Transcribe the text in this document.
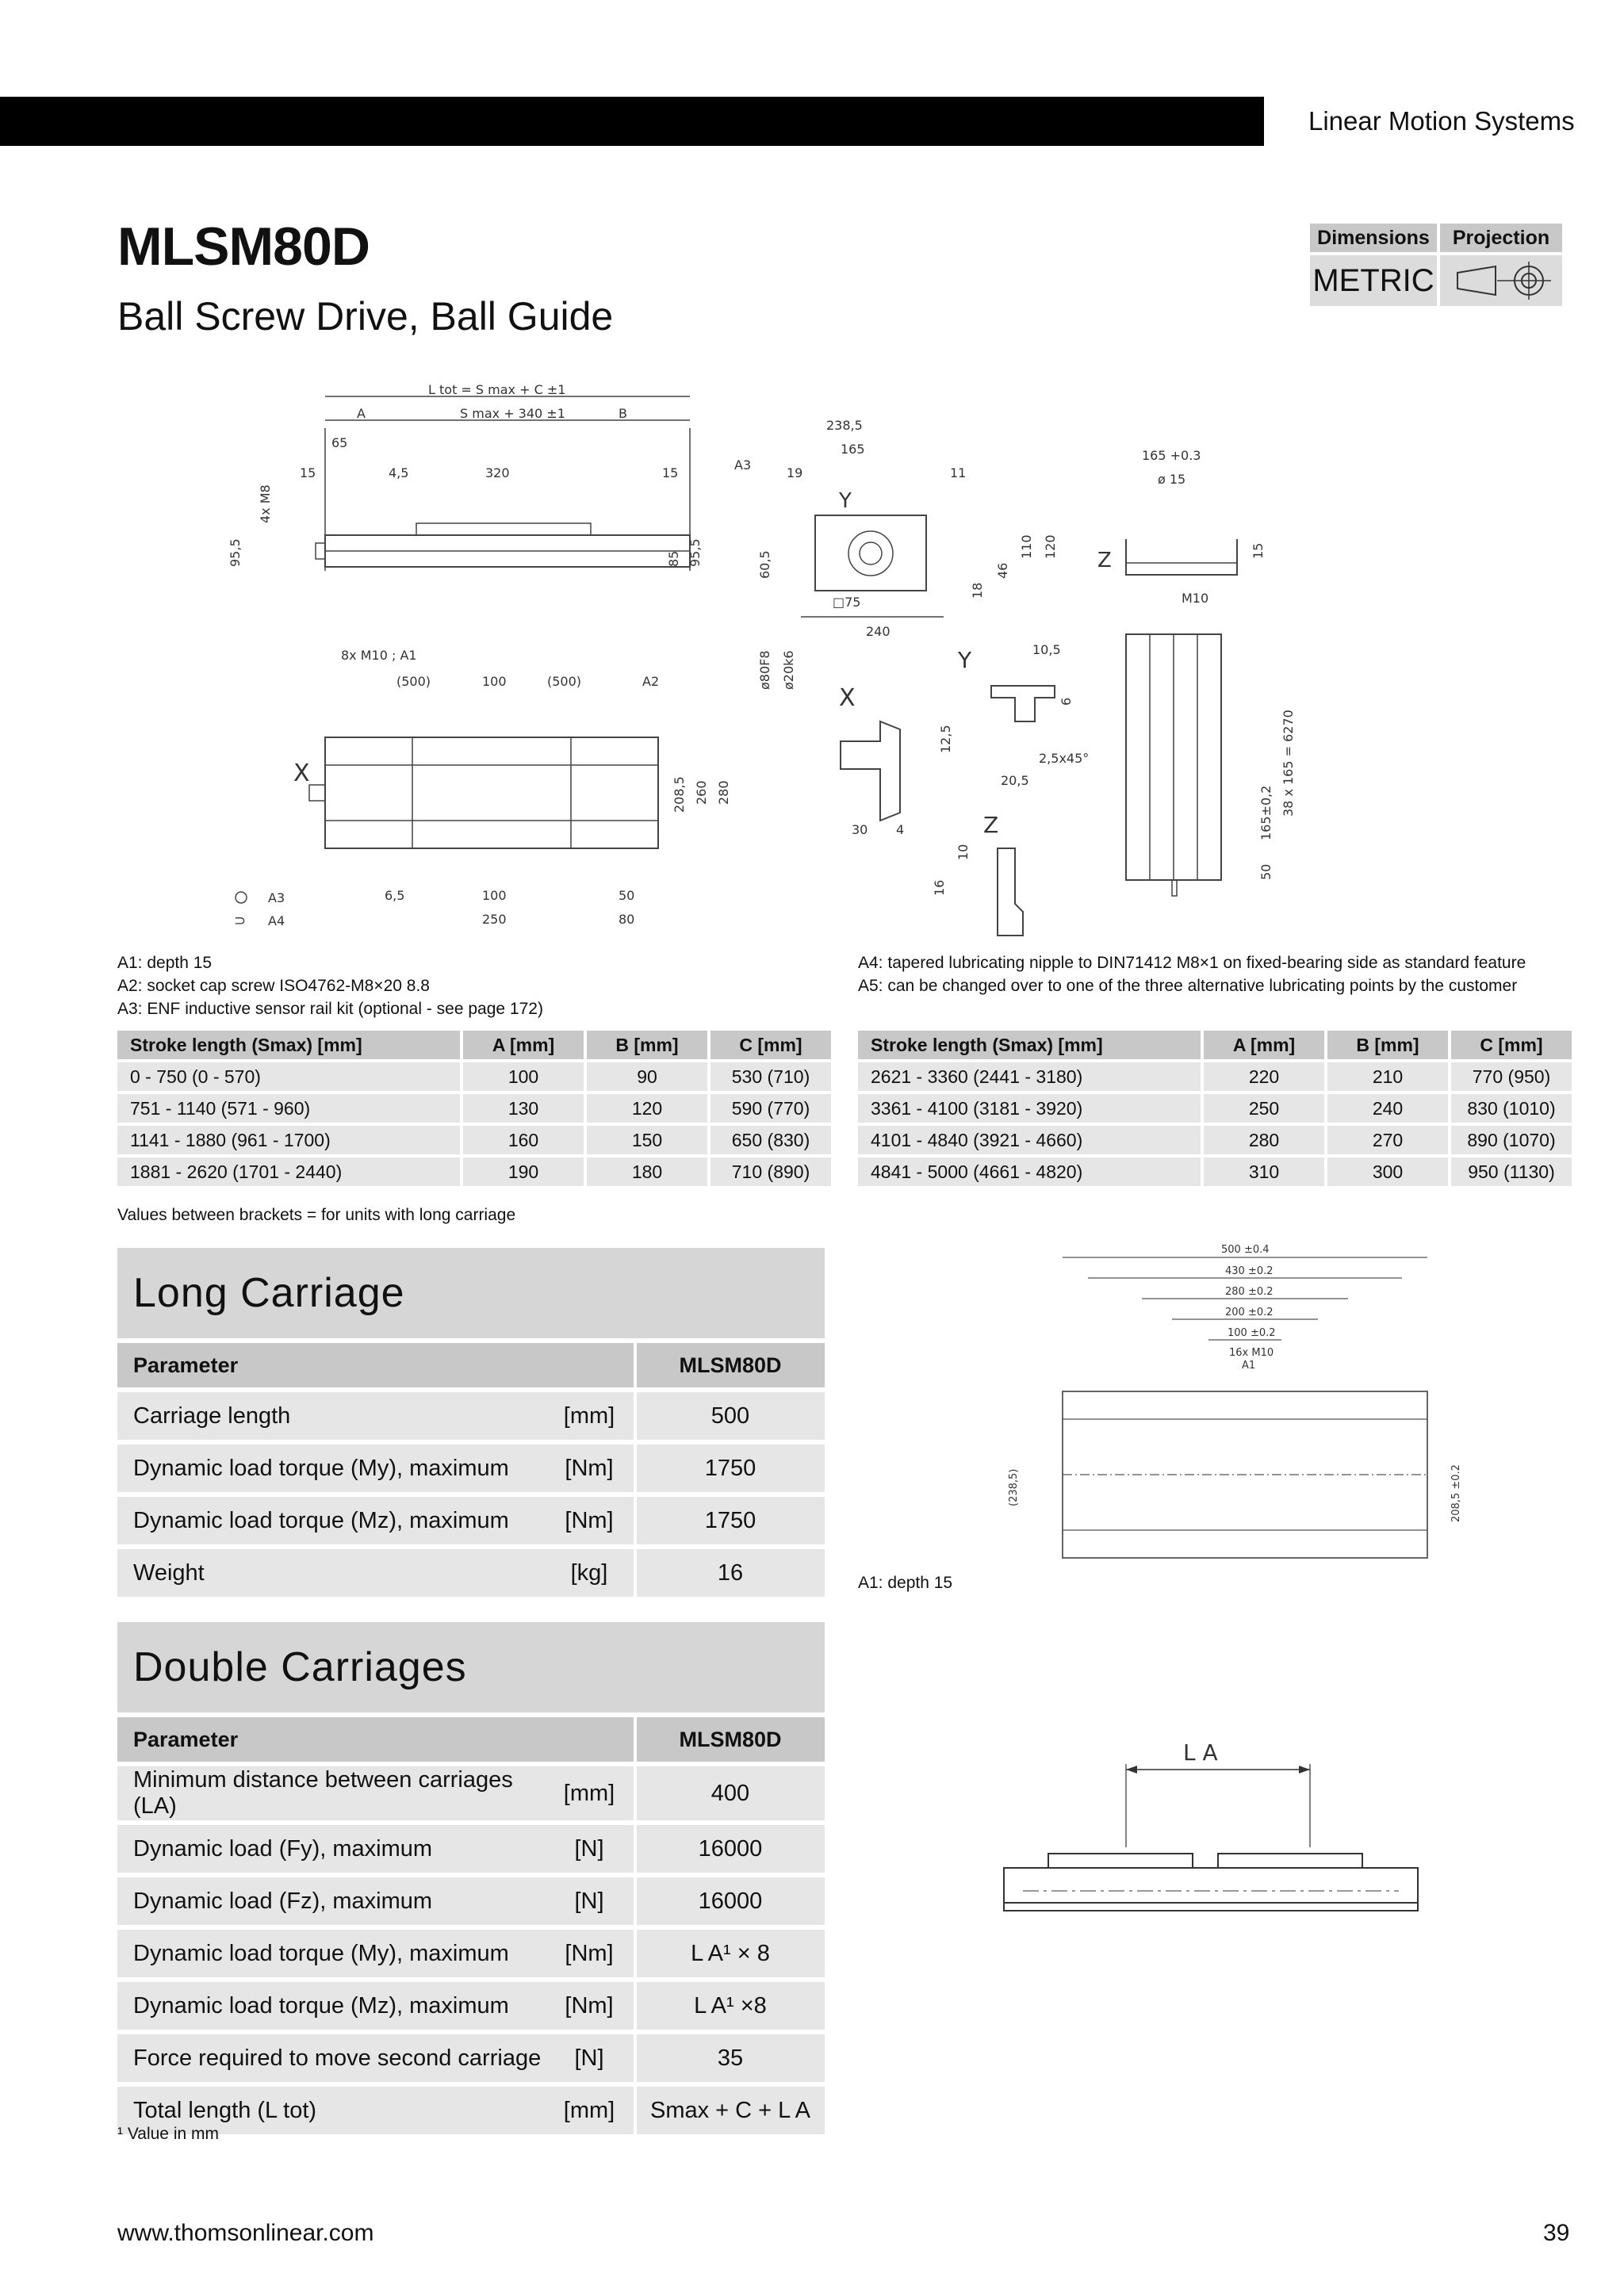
Linear Motion Systems
MLSM80D
Ball Screw Drive, Ball Guide
Dimensions	Projection
METRIC
L tot = S max + C ±1
A	S max + 340 ±1	B
65
15	4,5	320	15
4x M8
95,5	85 95,5
238,5
165
A3
19	11
Y
60,5	46
110 120
18
□75
240
165 +0.3
ø 15
Z	15
M10
8x M10 ; A1
(500)	100	(500)	A2
X
208,5 260 280
6,5	100
250
50
80
A3
⊃ A4
ø80F8 ø20k6
X
30 4
Y	10,5
6
12,5
20,5
2,5x45°
Z
10
16
38 x 165 = 6270
165±0,2
50
A1: depth 15
A2: socket cap screw ISO4762-M8×20 8.8
A3: ENF inductive sensor rail kit (optional - see page 172)
A4: tapered lubricating nipple to DIN71412 M8×1 on fixed-bearing side as standard feature
A5: can be changed over to one of the three alternative lubricating points by the customer
Stroke length (Smax) [mm]	A [mm]	B [mm]	C [mm]
0 - 750 (0 - 570)	100	90	530 (710)
751 - 1140 (571 - 960)	130	120	590 (770)
1141 - 1880 (961 - 1700)	160	150	650 (830)
1881 - 2620 (1701 - 2440)	190	180	710 (890)
Stroke length (Smax) [mm]	A [mm]	B [mm]	C [mm]
2621 - 3360 (2441 - 3180)	220	210	770 (950)
3361 - 4100 (3181 - 3920)	250	240	830 (1010)
4101 - 4840 (3921 - 4660)	280	270	890 (1070)
4841 - 5000 (4661 - 4820)	310	300	950 (1130)
Values between brackets = for units with long carriage
Long Carriage
Parameter		MLSM80D
Carriage length	[mm]	500
Dynamic load torque (My), maximum	[Nm]	1750
Dynamic load torque (Mz), maximum	[Nm]	1750
Weight	[kg]	16
500 ±0.4
430 ±0.2
280 ±0.2
200 ±0.2
100 ±0.2
16x M10
A1
(238,5)	208,5 ±0.2
A1: depth 15
Double Carriages
Parameter		MLSM80D
Minimum distance between carriages (LA)	[mm]	400
Dynamic load (Fy), maximum	[N]	16000
Dynamic load (Fz), maximum	[N]	16000
Dynamic load torque (My), maximum	[Nm]	L A¹ × 8
Dynamic load torque (Mz), maximum	[Nm]	L A¹ ×8
Force required to move second carriage	[N]	35
Total length (L tot)	[mm]	Smax + C + L A
¹ Value in mm
L A
www.thomsonlinear.com	39
